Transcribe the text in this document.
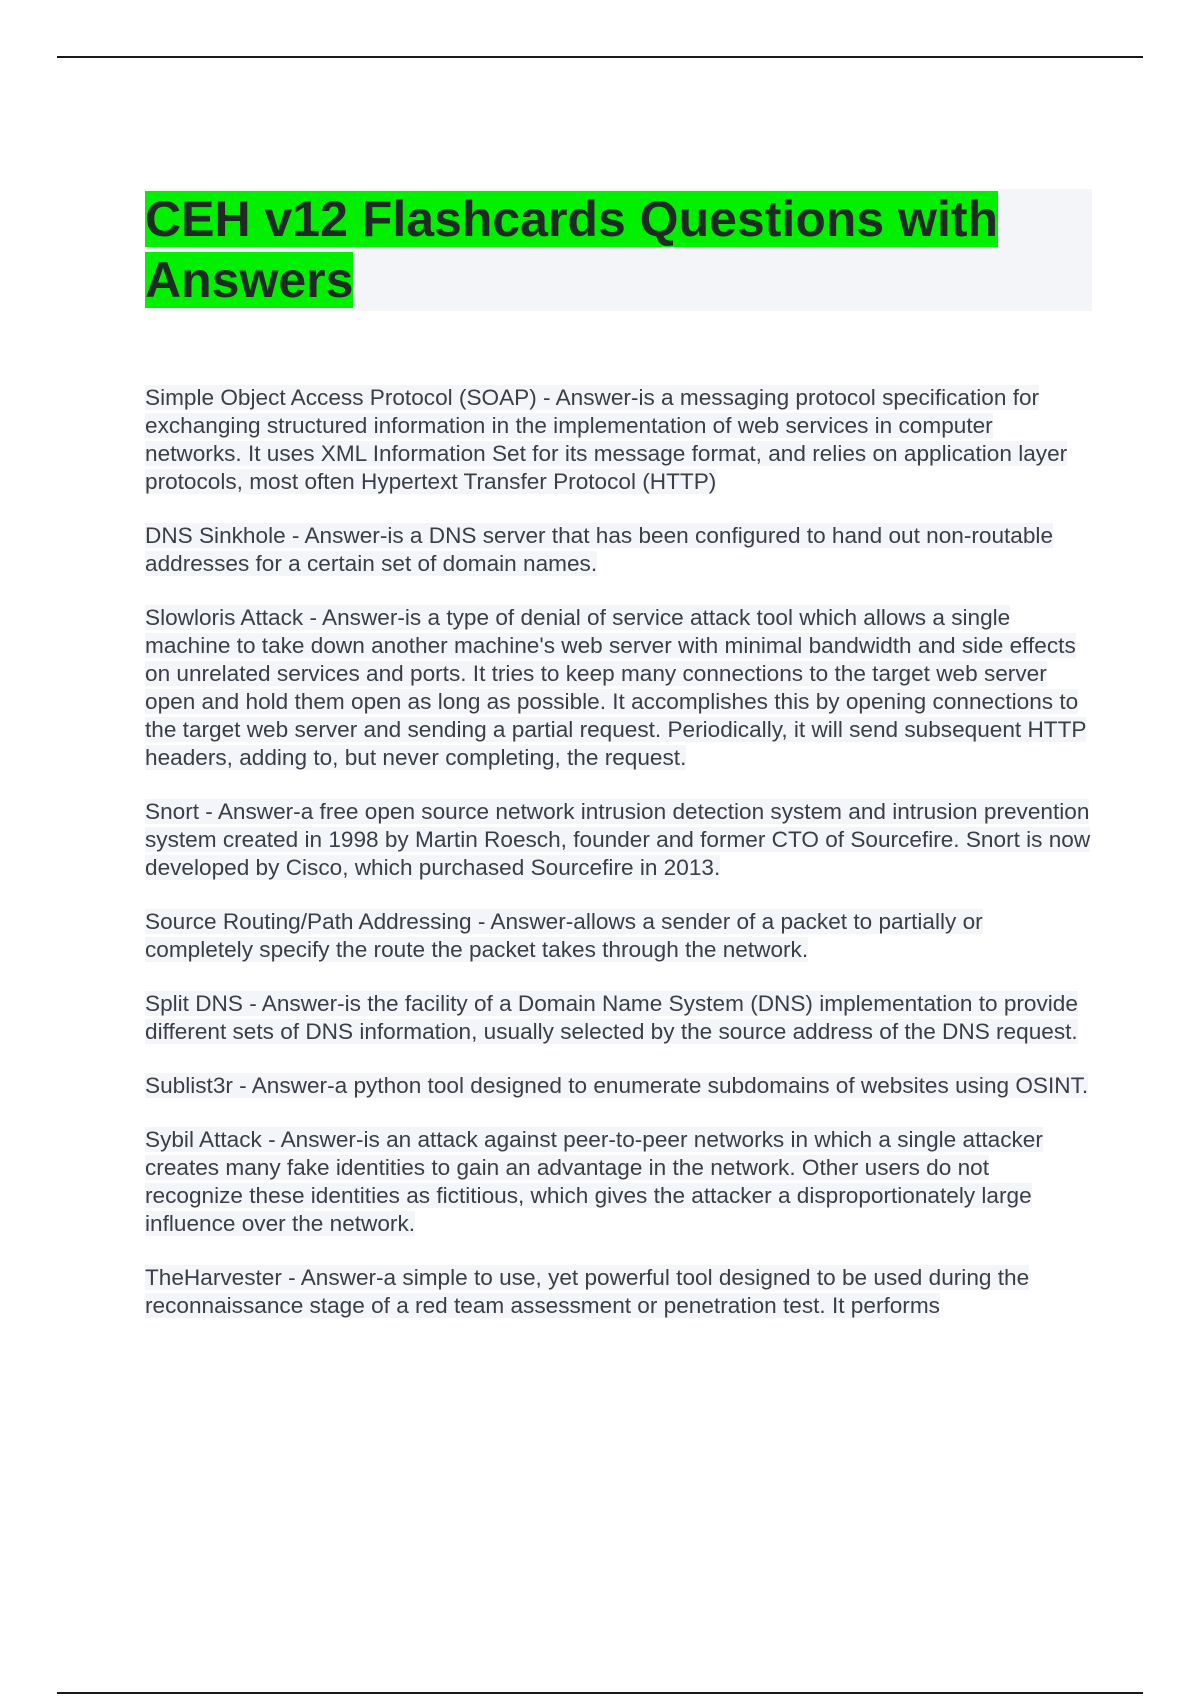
CEH v12 Flashcards Questions with Answers

Simple Object Access Protocol (SOAP) - Answer-is a messaging protocol specification for exchanging structured information in the implementation of web services in computer networks. It uses XML Information Set for its message format, and relies on application layer protocols, most often Hypertext Transfer Protocol (HTTP)

DNS Sinkhole - Answer-is a DNS server that has been configured to hand out non-routable addresses for a certain set of domain names.

Slowloris Attack - Answer-is a type of denial of service attack tool which allows a single machine to take down another machine's web server with minimal bandwidth and side effects on unrelated services and ports. It tries to keep many connections to the target web server open and hold them open as long as possible. It accomplishes this by opening connections to the target web server and sending a partial request. Periodically, it will send subsequent HTTP headers, adding to, but never completing, the request.

Snort - Answer-a free open source network intrusion detection system and intrusion prevention system created in 1998 by Martin Roesch, founder and former CTO of Sourcefire. Snort is now developed by Cisco, which purchased Sourcefire in 2013.

Source Routing/Path Addressing - Answer-allows a sender of a packet to partially or completely specify the route the packet takes through the network.

Split DNS - Answer-is the facility of a Domain Name System (DNS) implementation to provide different sets of DNS information, usually selected by the source address of the DNS request.

Sublist3r - Answer-a python tool designed to enumerate subdomains of websites using OSINT.

Sybil Attack - Answer-is an attack against peer-to-peer networks in which a single attacker creates many fake identities to gain an advantage in the network. Other users do not recognize these identities as fictitious, which gives the attacker a disproportionately large influence over the network.

TheHarvester - Answer-a simple to use, yet powerful tool designed to be used during the reconnaissance stage of a red team assessment or penetration test. It performs
